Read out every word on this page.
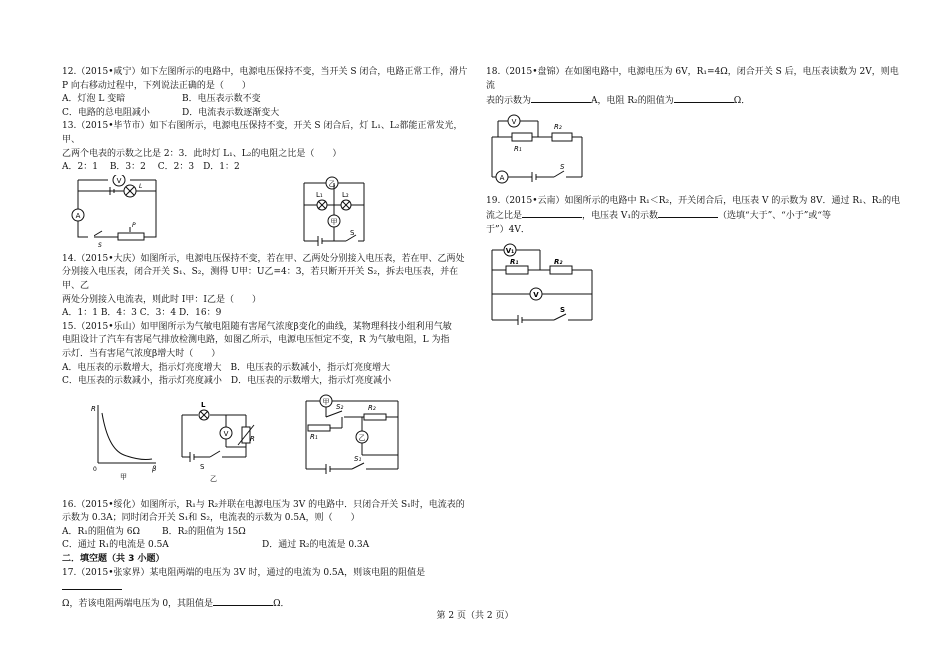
12.（2015•咸宁）如下左图所示的电路中，电源电压保持不变，当开关 S 闭合，电路正常工作，滑片

P 向右移动过程中，下列说法正确的是（　　）

A．灯泡 L 变暗	B．电压表示数不变
C．电路的总电阻减小	D．电流表示数逐渐变大

13.（2015•毕节市）如下右图所示，电源电压保持不变，开关 S 闭合后，灯 L₁、L₂都能正常发光，甲、

乙两个电表的示数之比是 2：3．此时灯 L₁、L₂的电阻之比是（　　）

A．2：1　 B．3：2　 C．2：3　D．1：2

V
A
L
P
S
乙
甲
L₁	L₂
S

14.（2015•大庆）如图所示，电源电压保持不变，若在甲、乙两处分别接入电压表，若在甲、乙两处

分别接入电压表，闭合开关 S₁、S₂，测得 U甲：U乙=4：3，若只断开开关 S₂，拆去电压表，并在甲、乙

两处分别接入电流表，则此时 I甲：I乙是（　　）

A．1：1 B．4：3 C．3：4 D．16：9

15.（2015•乐山）如甲图所示为气敏电阻随有害尾气浓度β变化的曲线，某物理科技小组利用气敏

电阻设计了汽车有害尾气排放检测电路，如图乙所示，电源电压恒定不变，R 为气敏电阻，L 为指

示灯．当有害尾气浓度β增大时（　　）

A．电压表的示数增大，指示灯亮度增大　B．电压表的示数减小，指示灯亮度增大

C．电压表的示数减小，指示灯亮度减小　D．电压表的示数增大，指示灯亮度减小

R
β
0
甲
L
V
R
S
乙
甲
S₂	R₂
R₁	乙
S₁

16.（2015•绥化）如图所示，R₁与 R₂并联在电源电压为 3V 的电路中．只闭合开关 S₁时，电流表的

示数为 0.3A；同时闭合开关 S₁和 S₂，电流表的示数为 0.5A，则（　　）

A．R₁的阻值为 6Ω	B．R₂的阻值为 15Ω
C．通过 R₁的电流是 0.5A	D．通过 R₂的电流是 0.3A

二．填空题（共 3 小题）

17.（2015•张家界）某电阻两端的电压为 3V 时，通过的电流为 0.5A，则该电阻的阻值是

Ω，若该电阻两端电压为 0，其阻值是	Ω．

18.（2015•盘锦）在如图电路中，电源电压为 6V，R₁=4Ω，闭合开关 S 后，电压表读数为 2V，则电流

表的示数为	A，电阻 R₂的阻值为	Ω．

V
R₁
R₂
A
S

19.（2015•云南）如图所示的电路中 R₁＜R₂，开关闭合后，电压表 V 的示数为 8V．通过 R₁、R₂的电

流之比是	，电压表 V₁的示数	（选填“大于”、“小于”或“等

于”）4V．

V₁
R₁	R₂
V
S
第 2 页（共 2 页）
